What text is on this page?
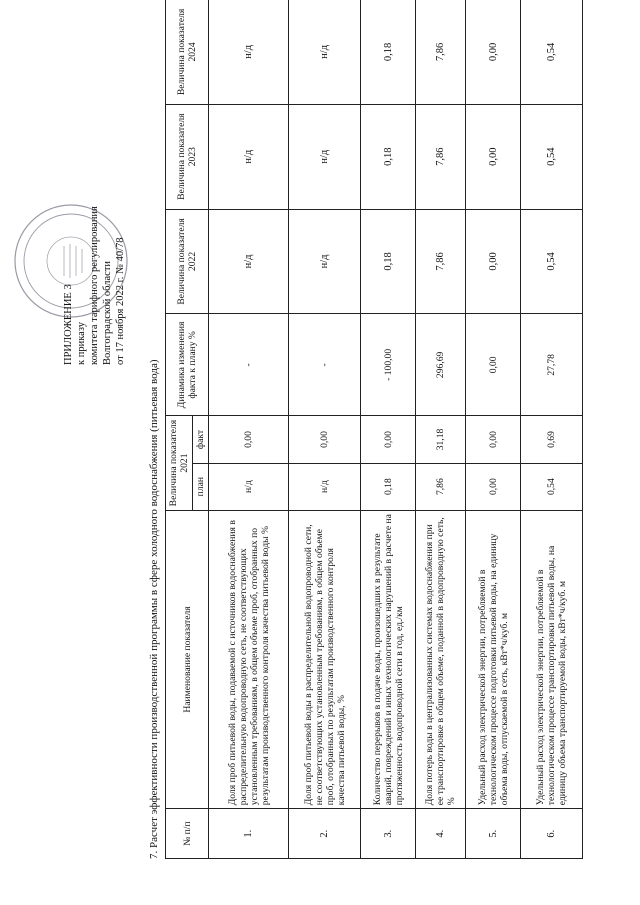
ПРИЛОЖЕНИЕ 3 к приказу комитета тарифного регулирования Волгоградской области от 17 ноября 2022 г. № 40/78
7. Расчет эффективности производственной программы в сфере холодного водоснабжения (питьевая вода) № п/п	Наименование показателя	Величина показателя 2021		Динамика изменения факта к плану %	Величина показателя 2022	Величина показателя 2023	Величина показателя 2024
		план	факт				
1.	Доля проб питьевой воды, подаваемой с источников водоснабжения в распределительную водопроводную сеть, не соответствующих установленным требованиям, в общем объеме проб, отобранных по результатам производственного контроля качества питьевой воды %	н/д	0,00	-	н/д	н/д	н/д
2.	Доля проб питьевой воды в распределительной водопроводной сети, не соответствующих установленным требованиям, в общем объеме проб, отобранных по результатам производственного контроля качества питьевой воды, %	н/д	0,00	-	н/д	н/д	н/д
3.	Количество перерывов в подаче воды, произошедших в результате аварий, повреждений и иных технологических нарушений в расчете на протяженность водопроводной сети в год, ед./км	0,18	0,00	- 100,00	0,18	0,18	0,18
4.	Доля потерь воды в централизованных системах водоснабжения при ее транспортировке в общем объеме, поданной в водопроводную сеть, %	7,86	31,18	296,69	7,86	7,86	7,86
5.	Удельный расход электрической энергии, потребляемой в технологическом процессе подготовки питьевой воды, на единицу объема воды, отпускаемой в сеть, кВт*ч/куб. м	0,00	0,00	0,00	0,00	0,00	0,00
6.	Удельный расход электрической энергии, потребляемой в технологическом процессе транспортировки питьевой воды, на единицу объема транспортируемой воды, кВт*ч/куб. м	0,54	0,69	27,78	0,54	0,54	0,54
